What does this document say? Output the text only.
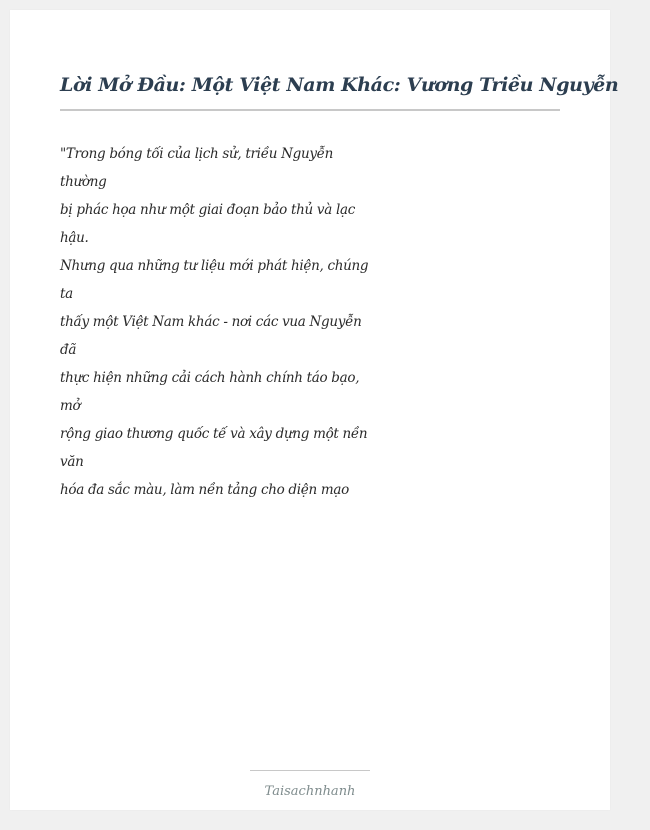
Lời Mở Đầu: Một Việt Nam Khác: Vương Triều Nguyễn
"Trong bóng tối của lịch sử, triều Nguyễn
thường
bị phác họa như một giai đoạn bảo thủ và lạc
hậu.
Nhưng qua những tư liệu mới phát hiện, chúng
ta
thấy một Việt Nam khác - nơi các vua Nguyễn
đã
thực hiện những cải cách hành chính táo bạo,
mở
rộng giao thương quốc tế và xây dựng một nền
văn
hóa đa sắc màu, làm nền tảng cho diện mạo
Taisachnhanh
